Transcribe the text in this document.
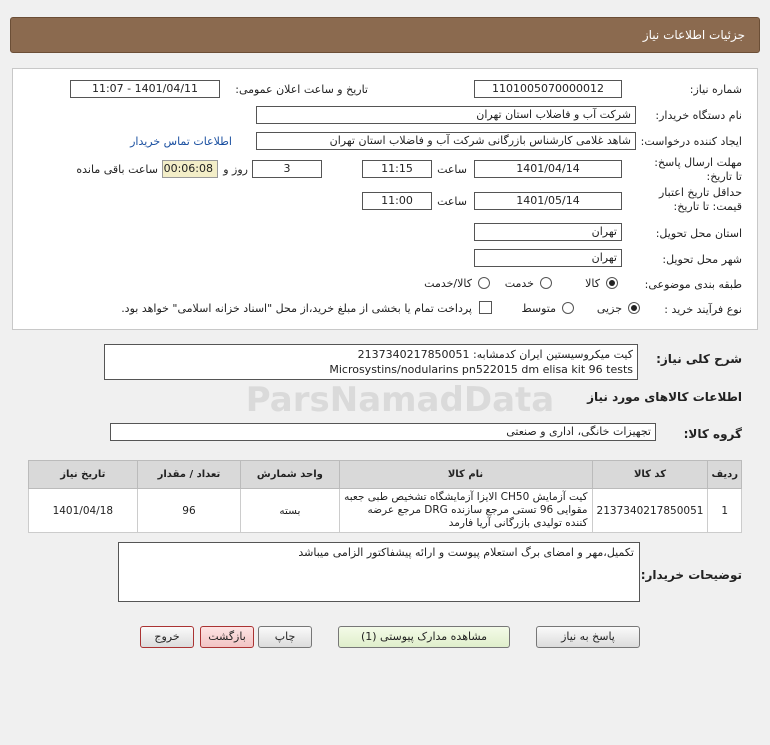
جزئیات اطلاعات نیاز
شماره نیاز:
1101005070000012
تاریخ و ساعت اعلان عمومی:
1401/04/11 - 11:07
نام دستگاه خریدار:
شرکت آب و فاضلاب استان تهران
ایجاد کننده درخواست:
شاهد غلامی کارشناس بازرگانی شرکت آب و فاضلاب استان تهران
اطلاعات تماس خریدار
مهلت ارسال پاسخ: تا تاریخ:
1401/04/14
ساعت
11:15
3
روز و
00:06:08
ساعت باقی مانده
حداقل تاریخ اعتبار قیمت: تا تاریخ:
1401/05/14
ساعت
11:00
استان محل تحویل:
تهران
شهر محل تحویل:
تهران
طبقه بندی موضوعی:
کالا
خدمت
کالا/خدمت
نوع فرآیند خرید :
جزیی
متوسط
پرداخت تمام یا بخشی از مبلغ خرید،از محل "اسناد خزانه اسلامی" خواهد بود.
شرح کلی نیاز:
کیت میکروسیستین ایران کدمشابه: 2137340217850051
Microsystins/nodularins pn522015 dm elisa kit 96 tests
اطلاعات کالاهای مورد نیاز
گروه کالا:
تجهیزات خانگی، اداری و صنعتی
ParsNamadData
ردیف	کد کالا	نام کالا	واحد شمارش	تعداد / مقدار	تاریخ نیاز
1	2137340217850051	کیت آزمایش CH50 الایزا آزمایشگاه تشخیص طبی جعبه مقوایی 96 تستی مرجع سازنده DRG مرجع عرضه کننده تولیدی بازرگانی آریا فارمد	بسته	96	1401/04/18
توضیحات خریدار:
تکمیل،مهر و امضای برگ استعلام پیوست و ارائه پیشفاکتور الزامی میباشد
پاسخ به نیاز
مشاهده مدارک پیوستی (1)
چاپ
بازگشت
خروج
